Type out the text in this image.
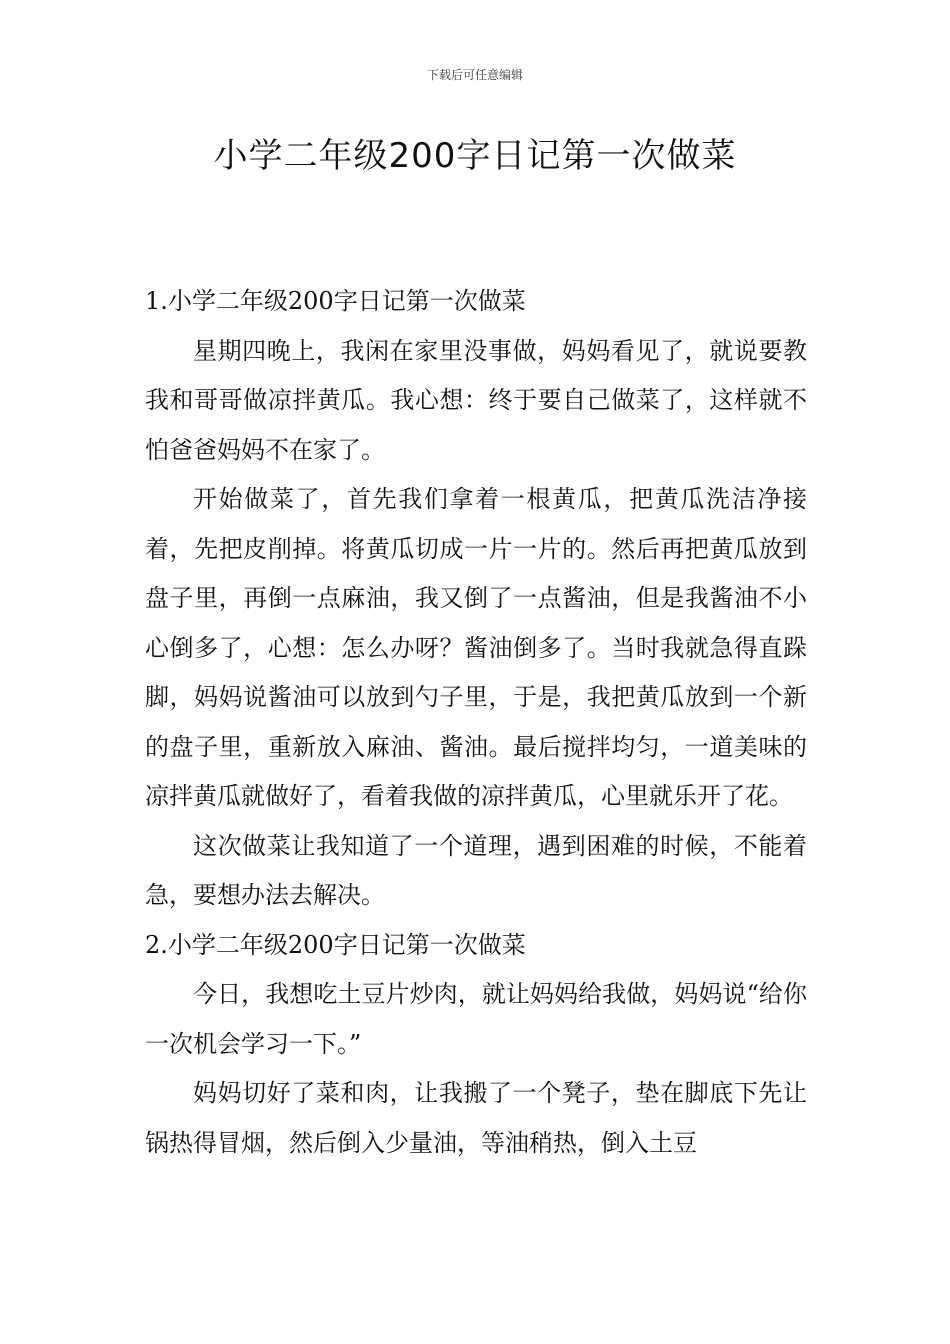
下载后可任意编辑
小学二年级200字日记第一次做菜
1.小学二年级200字日记第一次做菜

星期四晚上，我闲在家里没事做，妈妈看见了，就说要教我和哥哥做凉拌黄瓜。我心想：终于要自己做菜了，这样就不怕爸爸妈妈不在家了。

开始做菜了，首先我们拿着一根黄瓜，把黄瓜洗洁净接着，先把皮削掉。将黄瓜切成一片一片的。然后再把黄瓜放到盘子里，再倒一点麻油，我又倒了一点酱油，但是我酱油不小心倒多了，心想：怎么办呀？酱油倒多了。当时我就急得直跺脚，妈妈说酱油可以放到勺子里，于是，我把黄瓜放到一个新的盘子里，重新放入麻油、酱油。最后搅拌均匀，一道美味的凉拌黄瓜就做好了，看着我做的凉拌黄瓜，心里就乐开了花。

这次做菜让我知道了一个道理，遇到困难的时候，不能着急，要想办法去解决。

2.小学二年级200字日记第一次做菜

今日，我想吃土豆片炒肉，就让妈妈给我做，妈妈说“给你一次机会学习一下。”

妈妈切好了菜和肉，让我搬了一个凳子，垫在脚底下先让锅热得冒烟，然后倒入少量油，等油稍热，倒入土豆
